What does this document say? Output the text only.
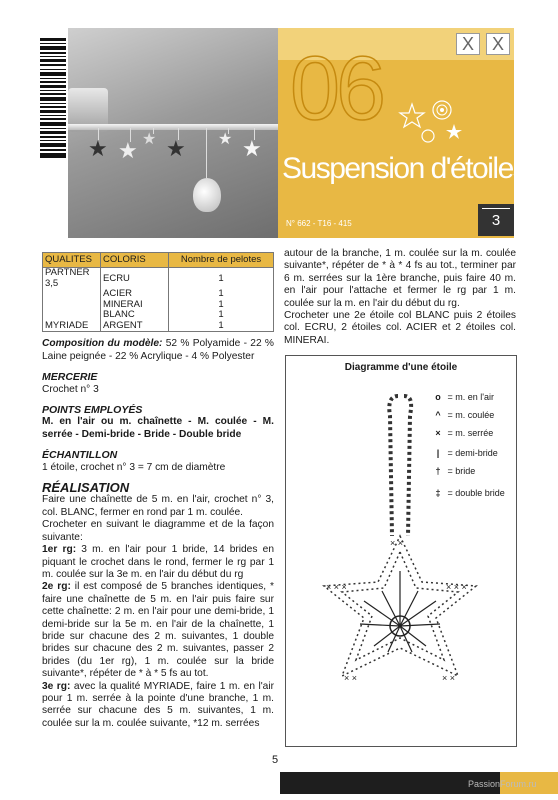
★ ★ ★ ★ ★ ★
X X
06
Suspension d'étoiles
N° 662 - T16 - 415	3
QUALITES	COLORIS	Nombre de pelotes
PARTNER 3,5	ECRU	1
	ACIER	1
	MINERAI	1
	BLANC	1
MYRIADE	ARGENT	1

Composition du modèle: 52 % Polyamide - 22 % Laine peignée - 22 % Acrylique - 4 % Polyester

MERCERIE

Crochet n° 3

POINTS EMPLOYÉS

M. en l'air ou m. chaînette - M. coulée - M. serrée - Demi-bride - Bride - Double bride

ÉCHANTILLON

1 étoile, crochet n° 3 = 7 cm de diamètre

RÉALISATION

Faire une chaînette de 5 m. en l'air, crochet n° 3, col. BLANC, fermer en rond par 1 m. coulée.

Crocheter en suivant le diagramme et de la façon suivante:

1er rg: 3 m. en l'air pour 1 bride, 14 brides en piquant le crochet dans le rond, fermer le rg par 1 m. coulée sur la 3e m. en l'air du début du rg

2e rg: il est composé de 5 branches identiques, * faire une chaînette de 5 m. en l'air puis faire sur cette chaînette: 2 m. en l'air pour une demi-bride, 1 demi-bride sur la 5e m. en l'air de la chaînette, 1 bride sur chacune des 2 m. suivantes, 1 double brides sur chacune des 2 m. suivantes, passer 2 brides (du 1er rg), 1 m. coulée sur la bride suivante*, répéter de * à * 5 fs au tot.

3e rg: avec la qualité MYRIADE, faire 1 m. en l'air pour 1 m. serrée à la pointe d'une branche, 1 m. serrée sur chacune des 5 m. suivantes, 1 m. coulée sur la m. coulée suivante, *12 m. serrées

autour de la branche, 1 m. coulée sur la m. coulée suivante*, répéter de * à * 4 fs au tot., terminer par 6 m. serrées sur la 1ère branche, puis faire 40 m. en l'air pour l'attache et fermer le rg par 1 m. coulée sur la m. en l'air du début du rg.

Crocheter une 2e étoile col BLANC puis 2 étoiles col. ECRU, 2 étoiles col. ACIER et 2 étoiles col. MINERAI.

Diagramme d'une étoile
o = m. en l'air
^ = m. coulée
× = m. serrée
| = demi-bride
† = bride
‡ = double bride
× × ×	× × ×
× ×	× ×
× ×
5
PassionForum.ru
